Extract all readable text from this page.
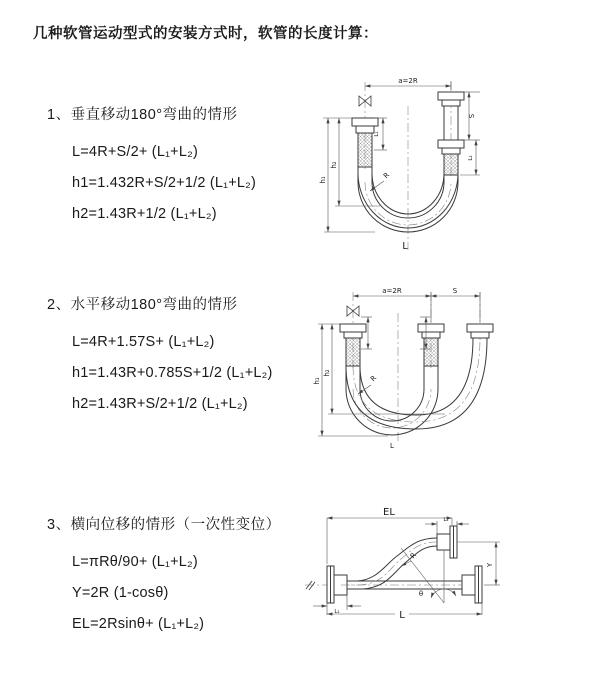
几种软管运动型式的安装方式时，软管的长度计算：
1、垂直移动180°弯曲的情形
L=4R+S/2+ (L₁+L₂)
h1=1.432R+S/2+1/2 (L₁+L₂)
h2=1.43R+1/2 (L₁+L₂)
a=2R
L₁
S
L₂
h₁
h₂
R
L
2、水平移动180°弯曲的情形
L=4R+1.57S+ (L₁+L₂)
h1=1.43R+0.785S+1/2 (L₁+L₂)
h2=1.43R+S/2+1/2 (L₁+L₂)
a=2R	S
h₁
h₂
R
L
3、横向位移的情形（一次性变位）
L=πRθ/90+ (L₁+L₂)
Y=2R (1-cosθ)
EL=2Rsinθ+ (L₁+L₂)
EL
L₂
Y
θ
R
L₁	L
